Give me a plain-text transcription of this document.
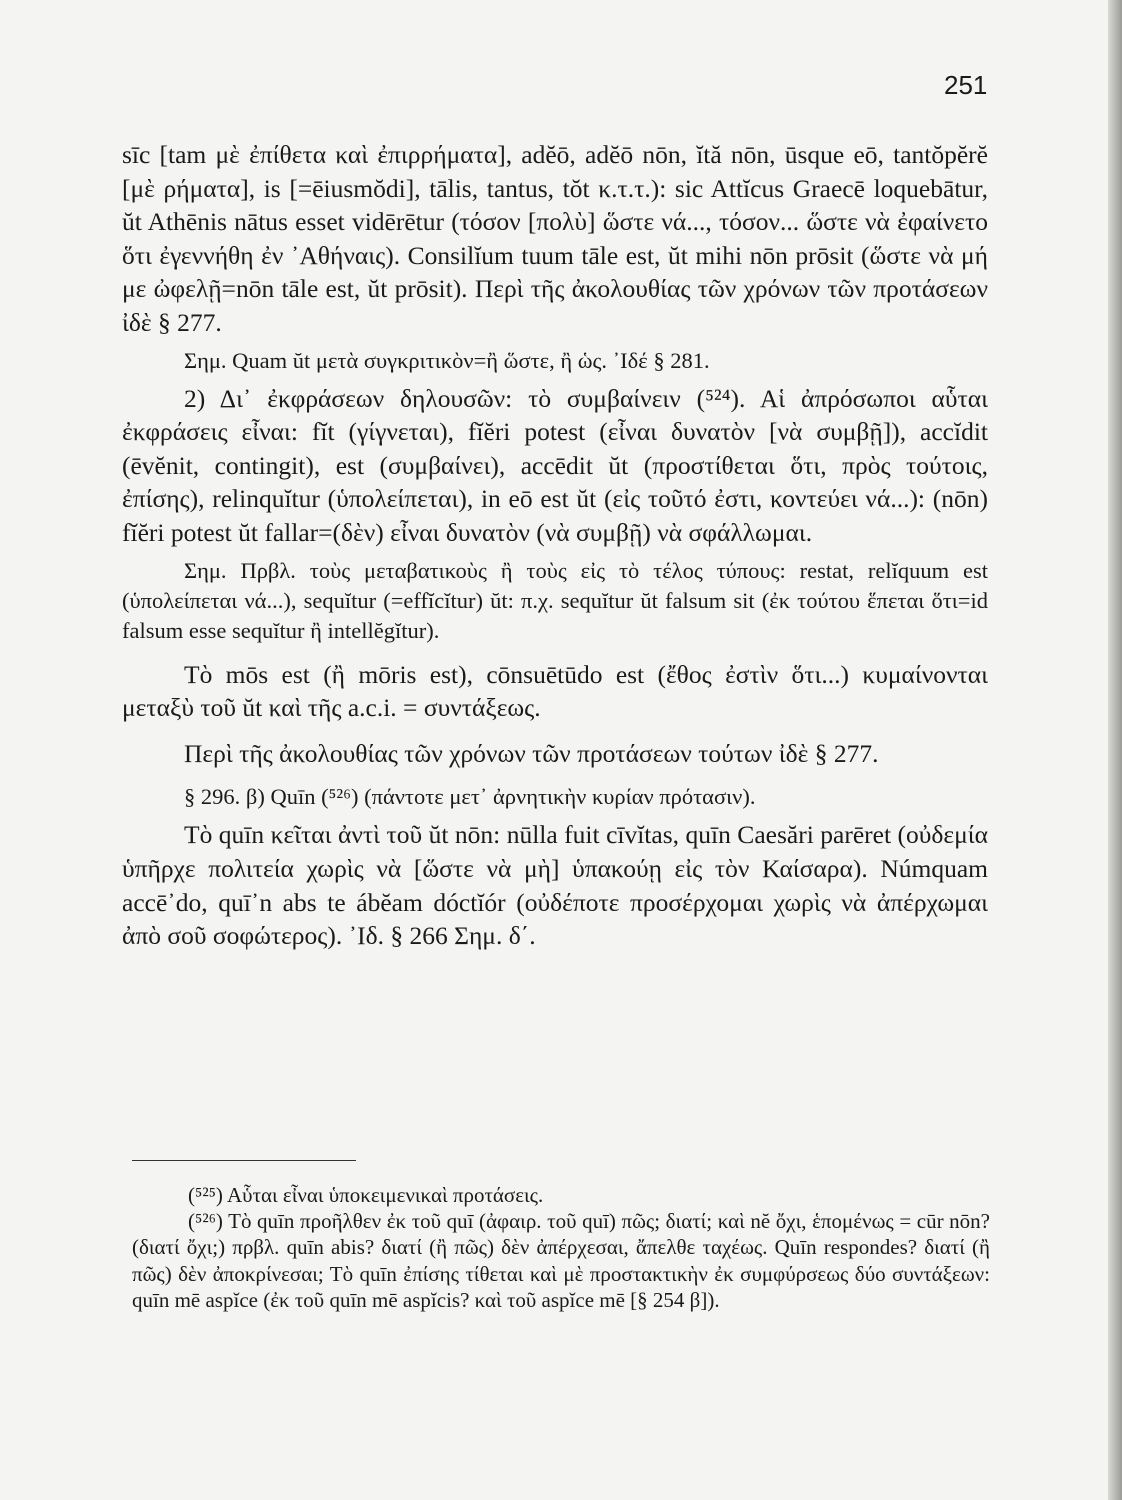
251

sīc [tam μὲ ἐπίθετα καὶ ἐπιρρήματα], adĕō, adĕō nōn, ĭtă nōn, ūsque eō, tantŏpĕrĕ [μὲ ρήματα], is [=ēiusmŏdi], tālis, tantus, tŏt κ.τ.τ.): sic Attĭcus Graecē loquebātur, ŭt Athēnis nātus esset vidērētur (τόσον [πολὺ] ὥστε νά..., τόσον... ὥστε νὰ ἐφαίνετο ὅτι ἐγεννήθη ἐν ᾿Αθήναις). Consilĭum tuum tāle est, ŭt mihi nōn prōsit (ὥστε νὰ μή με ὠφελῇ=nōn tāle est, ŭt prōsit). Περὶ τῆς ἀκολουθίας τῶν χρόνων τῶν προτάσεων ἰδὲ § 277.

Σημ. Quam ŭt μετὰ συγκριτικὸν=ἢ ὥστε, ἢ ὡς. ᾿Ιδέ § 281.

2) Δι᾿ ἐκφράσεων δηλουσῶν: τὸ συμβαίνειν (⁵²⁴). Αἱ ἀπρόσωποι αὗται ἐκφράσεις εἶναι: fĭt (γίγνεται), fĭĕri potest (εἶναι δυνατὸν [νὰ συμβῇ]), accĭdit (ēvĕnit, contingit), est (συμβαίνει), accēdit ŭt (προστίθεται ὅτι, πρὸς τούτοις, ἐπίσης), relinquĭtur (ὑπολείπεται), in eō est ŭt (εἰς τοῦτό ἐστι, κοντεύει νά...): (nōn) fĭĕri potest ŭt fallar=(δὲν) εἶναι δυνατὸν (νὰ συμβῇ) νὰ σφάλλωμαι.

Σημ. Πρβλ. τοὺς μεταβατικοὺς ἢ τοὺς εἰς τὸ τέλος τύπους: restat, relĭquum est (ὑπολείπεται νά...), sequĭtur (=effĭcĭtur) ŭt: π.χ. sequĭtur ŭt falsum sit (ἐκ τούτου ἕπεται ὅτι=id falsum esse sequĭtur ἢ intellĕgĭtur).

Τὸ mōs est (ἢ mōris est), cōnsuētūdo est (ἔθος ἐστὶν ὅτι...) κυμαίνονται μεταξὺ τοῦ ŭt καὶ τῆς a.c.i. = συντάξεως.

Περὶ τῆς ἀκολουθίας τῶν χρόνων τῶν προτάσεων τούτων ἰδὲ § 277.

§ 296. β) Quīn (⁵²⁶) (πάντοτε μετ᾿ ἀρνητικὴν κυρίαν πρότασιν).

Τὸ quīn κεῖται ἀντὶ τοῦ ŭt nōn: nūlla fuit cīvĭtas, quīn Caesări parēret (οὐδεμία ὑπῆρχε πολιτεία χωρὶς νὰ [ὥστε νὰ μὴ] ὑπακούῃ εἰς τὸν Καίσαρα). Númquam accē᾿do, quī᾿n abs te ábĕam dóctĭór (οὐδέποτε προσέρχομαι χωρὶς νὰ ἀπέρχωμαι ἀπὸ σοῦ σοφώτερος). ᾿Ιδ. § 266 Σημ. δ΄.

(⁵²⁵) Αὗται εἶναι ὑποκειμενικαὶ προτάσεις.

(⁵²⁶) Τὸ quīn προῆλθεν ἐκ τοῦ quī (ἀφαιρ. τοῦ quī) πῶς; διατί; καὶ nĕ ὄχι, ἑπομένως = cūr nōn? (διατί ὄχι;) πρβλ. quīn abis? διατί (ἢ πῶς) δὲν ἀπέρχεσαι, ἄπελθε ταχέως. Quīn respondes? διατί (ἢ πῶς) δὲν ἀποκρίνεσαι; Τὸ quīn ἐπίσης τίθεται καὶ μὲ προστακτικὴν ἐκ συμφύρσεως δύο συντάξεων: quīn mē aspĭce (ἐκ τοῦ quīn mē aspĭcis? καὶ τοῦ aspĭce mē [§ 254 β]).
